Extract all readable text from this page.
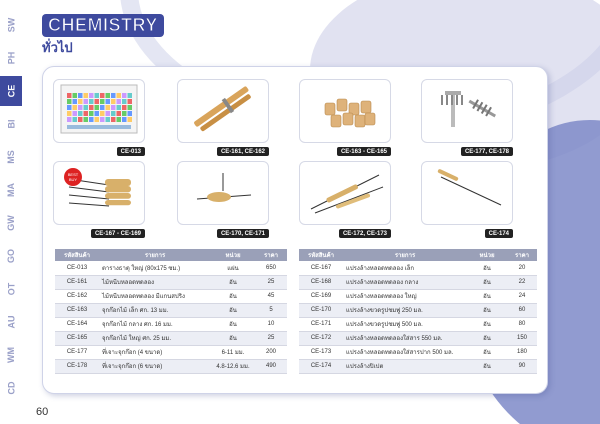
SW
PH
CE
BI
MS
MA
GW
GO
OT
AU
WM
CD
CHEMISTRY
ทั่วไป
CE-013	CE-161, CE-162	CE-163 - CE-165	CE-177, CE-178
BEST
BUY
CE-167 - CE-169	CE-170, CE-171	CE-172, CE-173	CE-174
รหัสสินค้า	รายการ	หน่วย	ราคา
CE-013	ตารางธาตุ ใหญ่ (80x175 ซม.)	แผ่น	650
CE-161	ไม้หนีบหลอดทดลอง	อัน	25
CE-162	ไม้หนีบหลอดทดลอง มีแกนสปริง	อัน	45
CE-163	จุกก๊อกไม้ เล็ก ศก. 13 มม.	อัน	5
CE-164	จุกก๊อกไม้ กลาง ศก. 16 มม.	อัน	10
CE-165	จุกก๊อกไม้ ใหญ่ ศก. 25 มม.	อัน	25
CE-177	ที่เจาะจุกก๊อก (4 ขนาด)	6-11 มม.	200
CE-178	ที่เจาะจุกก๊อก (6 ขนาด)	4.8-12.6 มม.	490
รหัสสินค้า	รายการ	หน่วย	ราคา
CE-167	แปรงล้างหลอดทดลอง เล็ก	อัน	20
CE-168	แปรงล้างหลอดทดลอง กลาง	อัน	22
CE-169	แปรงล้างหลอดทดลอง ใหญ่	อัน	24
CE-170	แปรงล้างขวดรูปชมพู่ 250 มล.	อัน	60
CE-171	แปรงล้างขวดรูปชมพู่ 500 มล.	อัน	80
CE-172	แปรงล้างหลอดทดลองใส่สาร 550 มล.	อัน	150
CE-173	แปรงล้างหลอดทดลองใส่สารปาก 500 มล.	อัน	180
CE-174	แปรงล้างปิเปต	อัน	90
60
